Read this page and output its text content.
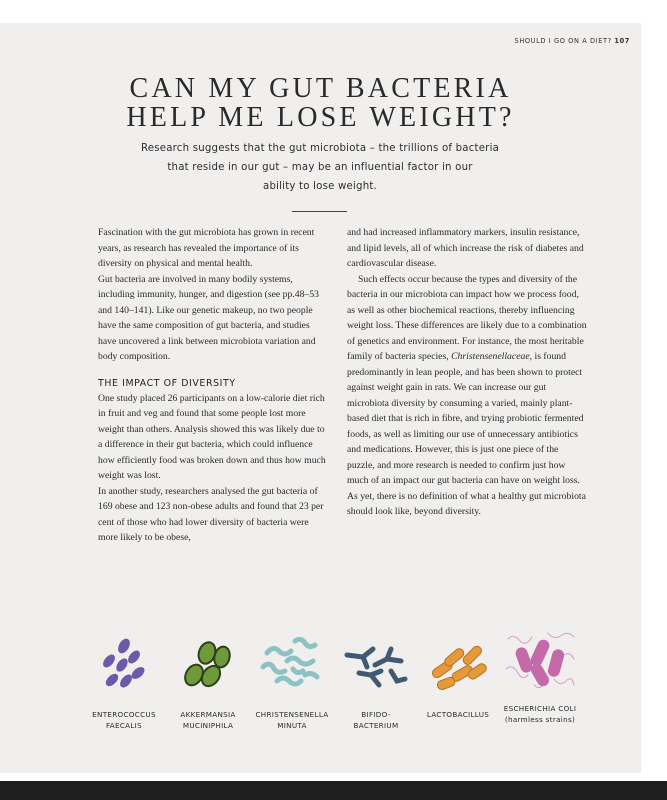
SHOULD I GO ON A DIET? 107
CAN MY GUT BACTERIA
HELP ME LOSE WEIGHT?
Research suggests that the gut microbiota – the trillions of bacteria
that reside in our gut – may be an influential factor in our
ability to lose weight.

Fascination with the gut microbiota has grown in recent years, as research has revealed the importance of its diversity on physical and mental health.

Gut bacteria are involved in many bodily systems, including immunity, hunger, and digestion (see pp.48–53 and 140–141). Like our genetic makeup, no two people have the same composition of gut bacteria, and studies have uncovered a link between microbiota variation and body composition.

THE IMPACT OF DIVERSITY

One study placed 26 participants on a low-calorie diet rich in fruit and veg and found that some people lost more weight than others. Analysis showed this was likely due to a difference in their gut bacteria, which could influence how efficiently food was broken down and thus how much weight was lost.

In another study, researchers analysed the gut bacteria of 169 obese and 123 non-obese adults and found that 23 per cent of those who had lower diversity of bacteria were more likely to be obese,

and had increased inflammatory markers, insulin resistance, and lipid levels, all of which increase the risk of diabetes and cardiovascular disease.

Such effects occur because the types and diversity of the bacteria in our microbiota can impact how we process food, as well as other biochemical reactions, thereby influencing weight loss. These differences are likely due to a combination of genetics and environment. For instance, the most heritable family of bacteria species, Christensenellaceae, is found predominantly in lean people, and has been shown to protect against weight gain in rats. We can increase our gut microbiota diversity by consuming a varied, mainly plant-based diet that is rich in fibre, and trying probiotic fermented foods, as well as limiting our use of unnecessary antibiotics and medications. However, this is just one piece of the puzzle, and more research is needed to confirm just how much of an impact our gut bacteria can have on weight loss. As yet, there is no definition of what a healthy gut microbiota should look like, beyond diversity.

ENTEROCOCCUS
FAECALIS
AKKERMANSIA
MUCINIPHILA
CHRISTENSENELLA
MINUTA
BIFIDO-
BACTERIUM
LACTOBACILLUS
ESCHERICHIA COLI
(harmless strains)
